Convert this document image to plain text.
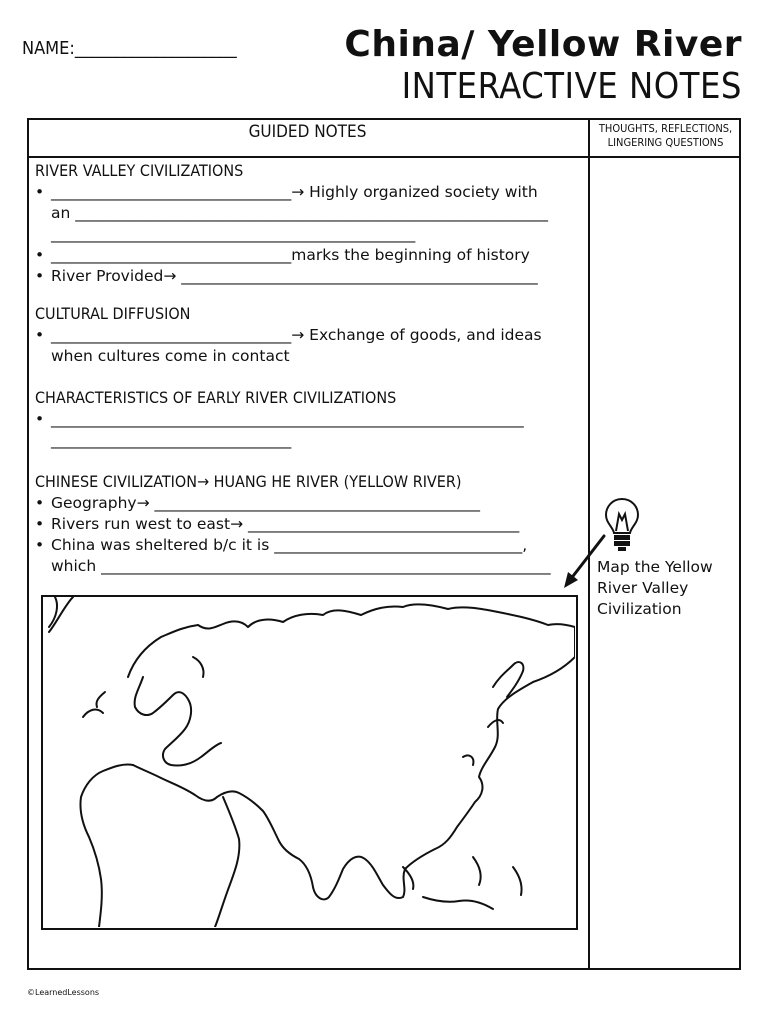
NAME:____________________	China/ Yellow River
INTERACTIVE NOTES
GUIDED NOTES	THOUGHTS, REFLECTIONS,
LINGERING QUESTIONS

RIVER VALLEY CIVILIZATIONS

• _______________________________→ Highly organized society with

an _____________________________________________________________

_______________________________________________

• _______________________________marks the beginning of history

• River Provided→ ______________________________________________

CULTURAL DIFFUSION

• _______________________________→ Exchange of goods, and ideas

when cultures come in contact

CHARACTERISTICS OF EARLY RIVER CIVILIZATIONS

• _____________________________________________________________

_______________________________

CHINESE CIVILIZATION→ HUANG HE RIVER (YELLOW RIVER)

• Geography→ __________________________________________

• Rivers run west to east→ ___________________________________

• China was sheltered b/c it is ________________________________,

which __________________________________________________________	Map the Yellow
River Valley
Civilization
©LearnedLessons
